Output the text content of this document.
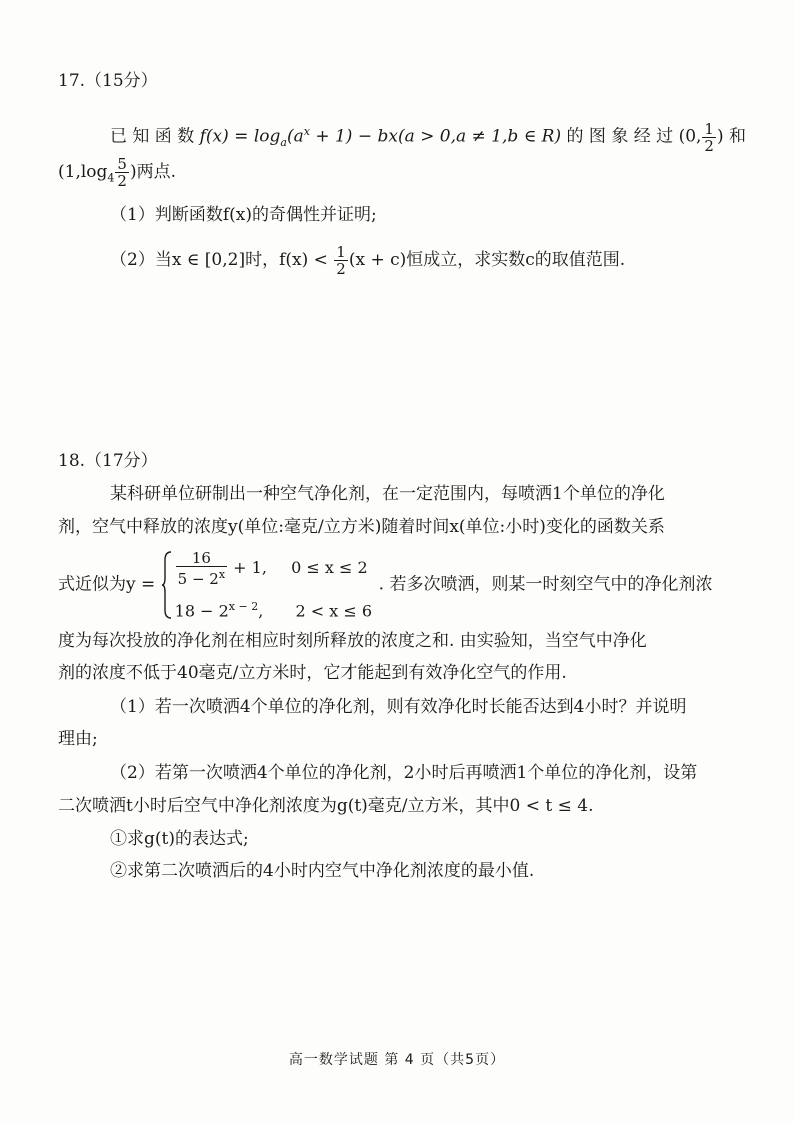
17.（15分）
已 知 函 数 $f(x) = \log_a(a^x + 1) - bx(a > 0,a \ne 1,b$ ∈ R) 的 图 象 经 过 (0, $\frac{1}{2}$ ) 和
($1,\log_4 \frac{5}{2}$ )两点.
（1）判断函数f(x)的奇偶性并证明;
（2）当x ∈ [0,2]时，$f(x) < \frac{1}{2} (x + c)$恒成立，求实数c的取值范围.
18.（17分）
某科研单位研制出一种空气净化剂，在一定范围内，每喷洒1个单位的净化
剂，空气中释放的浓度y(单位:毫克/立方米)随着时间x(单位:小时)变化的函数关系
式近似为$y = \frac{16}{5 - 2^x} + 1$, 0 ≤ x ≤ 2
$18 - 2^{x - 2}$, 2 < x ≤ 6
. 若多次喷洒，则某一时刻空气中的净化剂浓
度为每次投放的净化剂在相应时刻所释放的浓度之和. 由实验知，当空气中净化
剂的浓度不低于40毫克/立方米时，它才能起到有效净化空气的作用.
（1）若一次喷洒4个单位的净化剂，则有效净化时长能否达到4小时？并说明
理由;
（2）若第一次喷洒4个单位的净化剂，2小时后再喷洒1个单位的净化剂，设第
二次喷洒t小时后空气中净化剂浓度为g(t)毫克/立方米，其中0 < t ≤ 4.
①求g(t)的表达式;
②求第二次喷洒后的4小时内空气中净化剂浓度的最小值.
高一数学试题 第 4 页（共5页）
